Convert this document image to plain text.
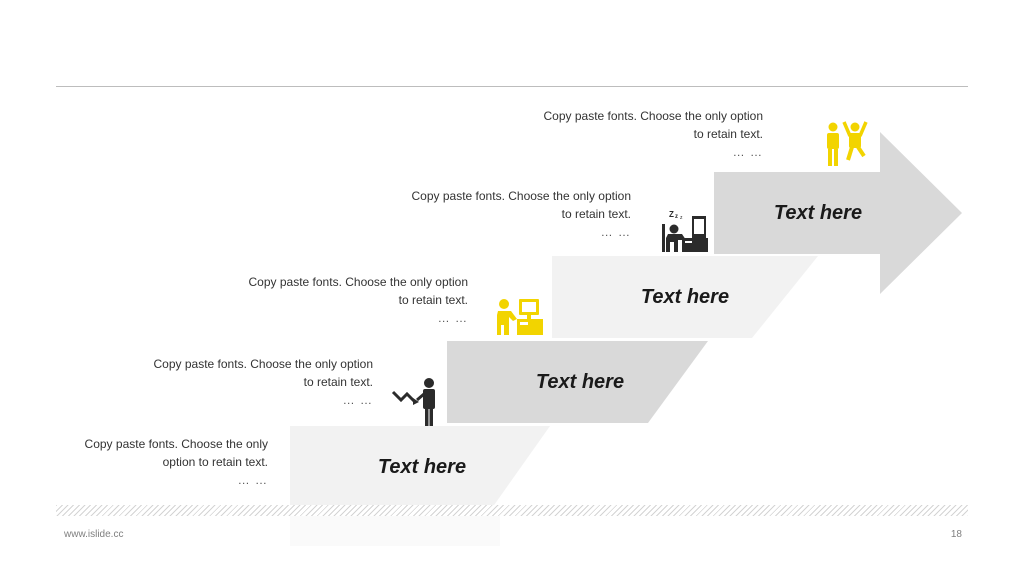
Text here
Text here
Text here
Text here
Copy paste fonts. Choose the only
option to retain text.
… …
Copy paste fonts. Choose the only option
to retain text.
… …
Copy paste fonts. Choose the only option
to retain text.
… …
Copy paste fonts. Choose the only option
to retain text.
… …
Copy paste fonts. Choose the only option
to retain text.
… …
Z z z
www.islide.cc	18
